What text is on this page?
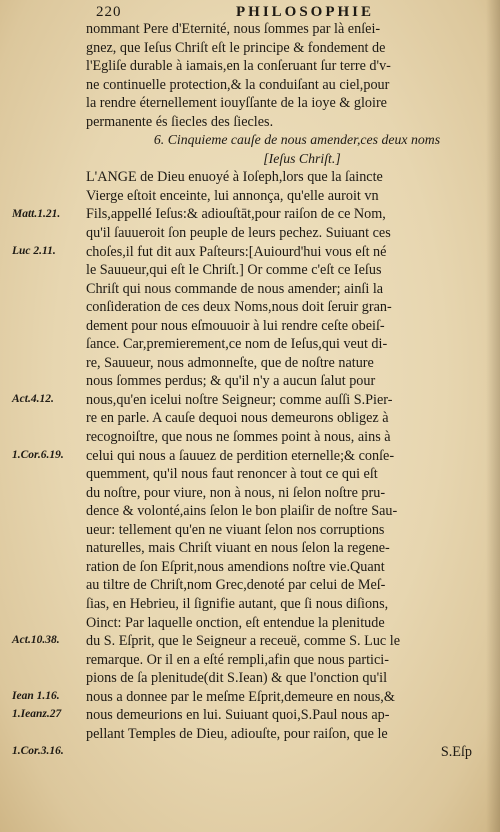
220	PHILOSOPHIE
Matt.1.21.
Luc 2.11.
Act.4.12.
1.Cor.6.19.
Act.10.38.
Iean 1.16.
1.Ieanz.27
1.Cor.3.16.
nommant Pere d'Eternité, nous ſommes par là enſei-
gnez, que Ieſus Chriſt eſt le principe & fondement de
l'Egliſe durable à iamais,en la conſeruant ſur terre d'v-
ne continuelle protection,& la conduiſant au ciel,pour
la rendre éternellement iouyſſante de la ioye & gloire
permanente és ſiecles des ſiecles.
6. Cinquieme cauſe de nous amender,ces deux noms
[Ieſus Chriſt.]
L'ANGE de Dieu enuoyé à Ioſeph,lors que la ſaincte
Vierge eſtoit enceinte, lui annonça, qu'elle auroit vn
Fils,appellé Ieſus:& adiouſtāt,pour raiſon de ce Nom,
qu'il ſauueroit ſon peuple de leurs pechez. Suiuant ces
choſes,il fut dit aux Paſteurs:[Auiourd'hui vous eſt né
le Sauueur,qui eſt le Chriſt.] Or comme c'eſt ce Ieſus
Chriſt qui nous commande de nous amender; ainſi la
conſideration de ces deux Noms,nous doit ſeruir gran-
dement pour nous eſmouuoir à lui rendre ceſte obeiſ-
ſance. Car,premierement,ce nom de Ieſus,qui veut di-
re, Sauueur, nous admonneſte, que de noſtre nature
nous ſommes perdus; & qu'il n'y a aucun ſalut pour
nous,qu'en icelui noſtre Seigneur; comme auſſi S.Pier-
re en parle. A cauſe dequoi nous demeurons obligez à
recognoiſtre, que nous ne ſommes point à nous, ains à
celui qui nous a ſauuez de perdition eternelle;& conſe-
quemment, qu'il nous faut renoncer à tout ce qui eſt
du noſtre, pour viure, non à nous, ni ſelon noſtre pru-
dence & volonté,ains ſelon le bon plaiſir de noſtre Sau-
ueur: tellement qu'en ne viuant ſelon nos corruptions
naturelles, mais Chriſt viuant en nous ſelon la regene-
ration de ſon Eſprit,nous amendions noſtre vie.Quant
au tiltre de Chriſt,nom Grec,denoté par celui de Meſ-
ſias, en Hebrieu, il ſignifie autant, que ſi nous diſions,
Oinct: Par laquelle onction, eſt entendue la plenitude
du S. Eſprit, que le Seigneur a receuë, comme S. Luc le
remarque. Or il en a eſté rempli,afin que nous partici-
pions de ſa plenitude(dit S.Iean) & que l'onction qu'il
nous a donnee par le meſme Eſprit,demeure en nous,&
nous demeurions en lui. Suiuant quoi,S.Paul nous ap-
pellant Temples de Dieu, adiouſte, pour raiſon, que le
S.Eſp
